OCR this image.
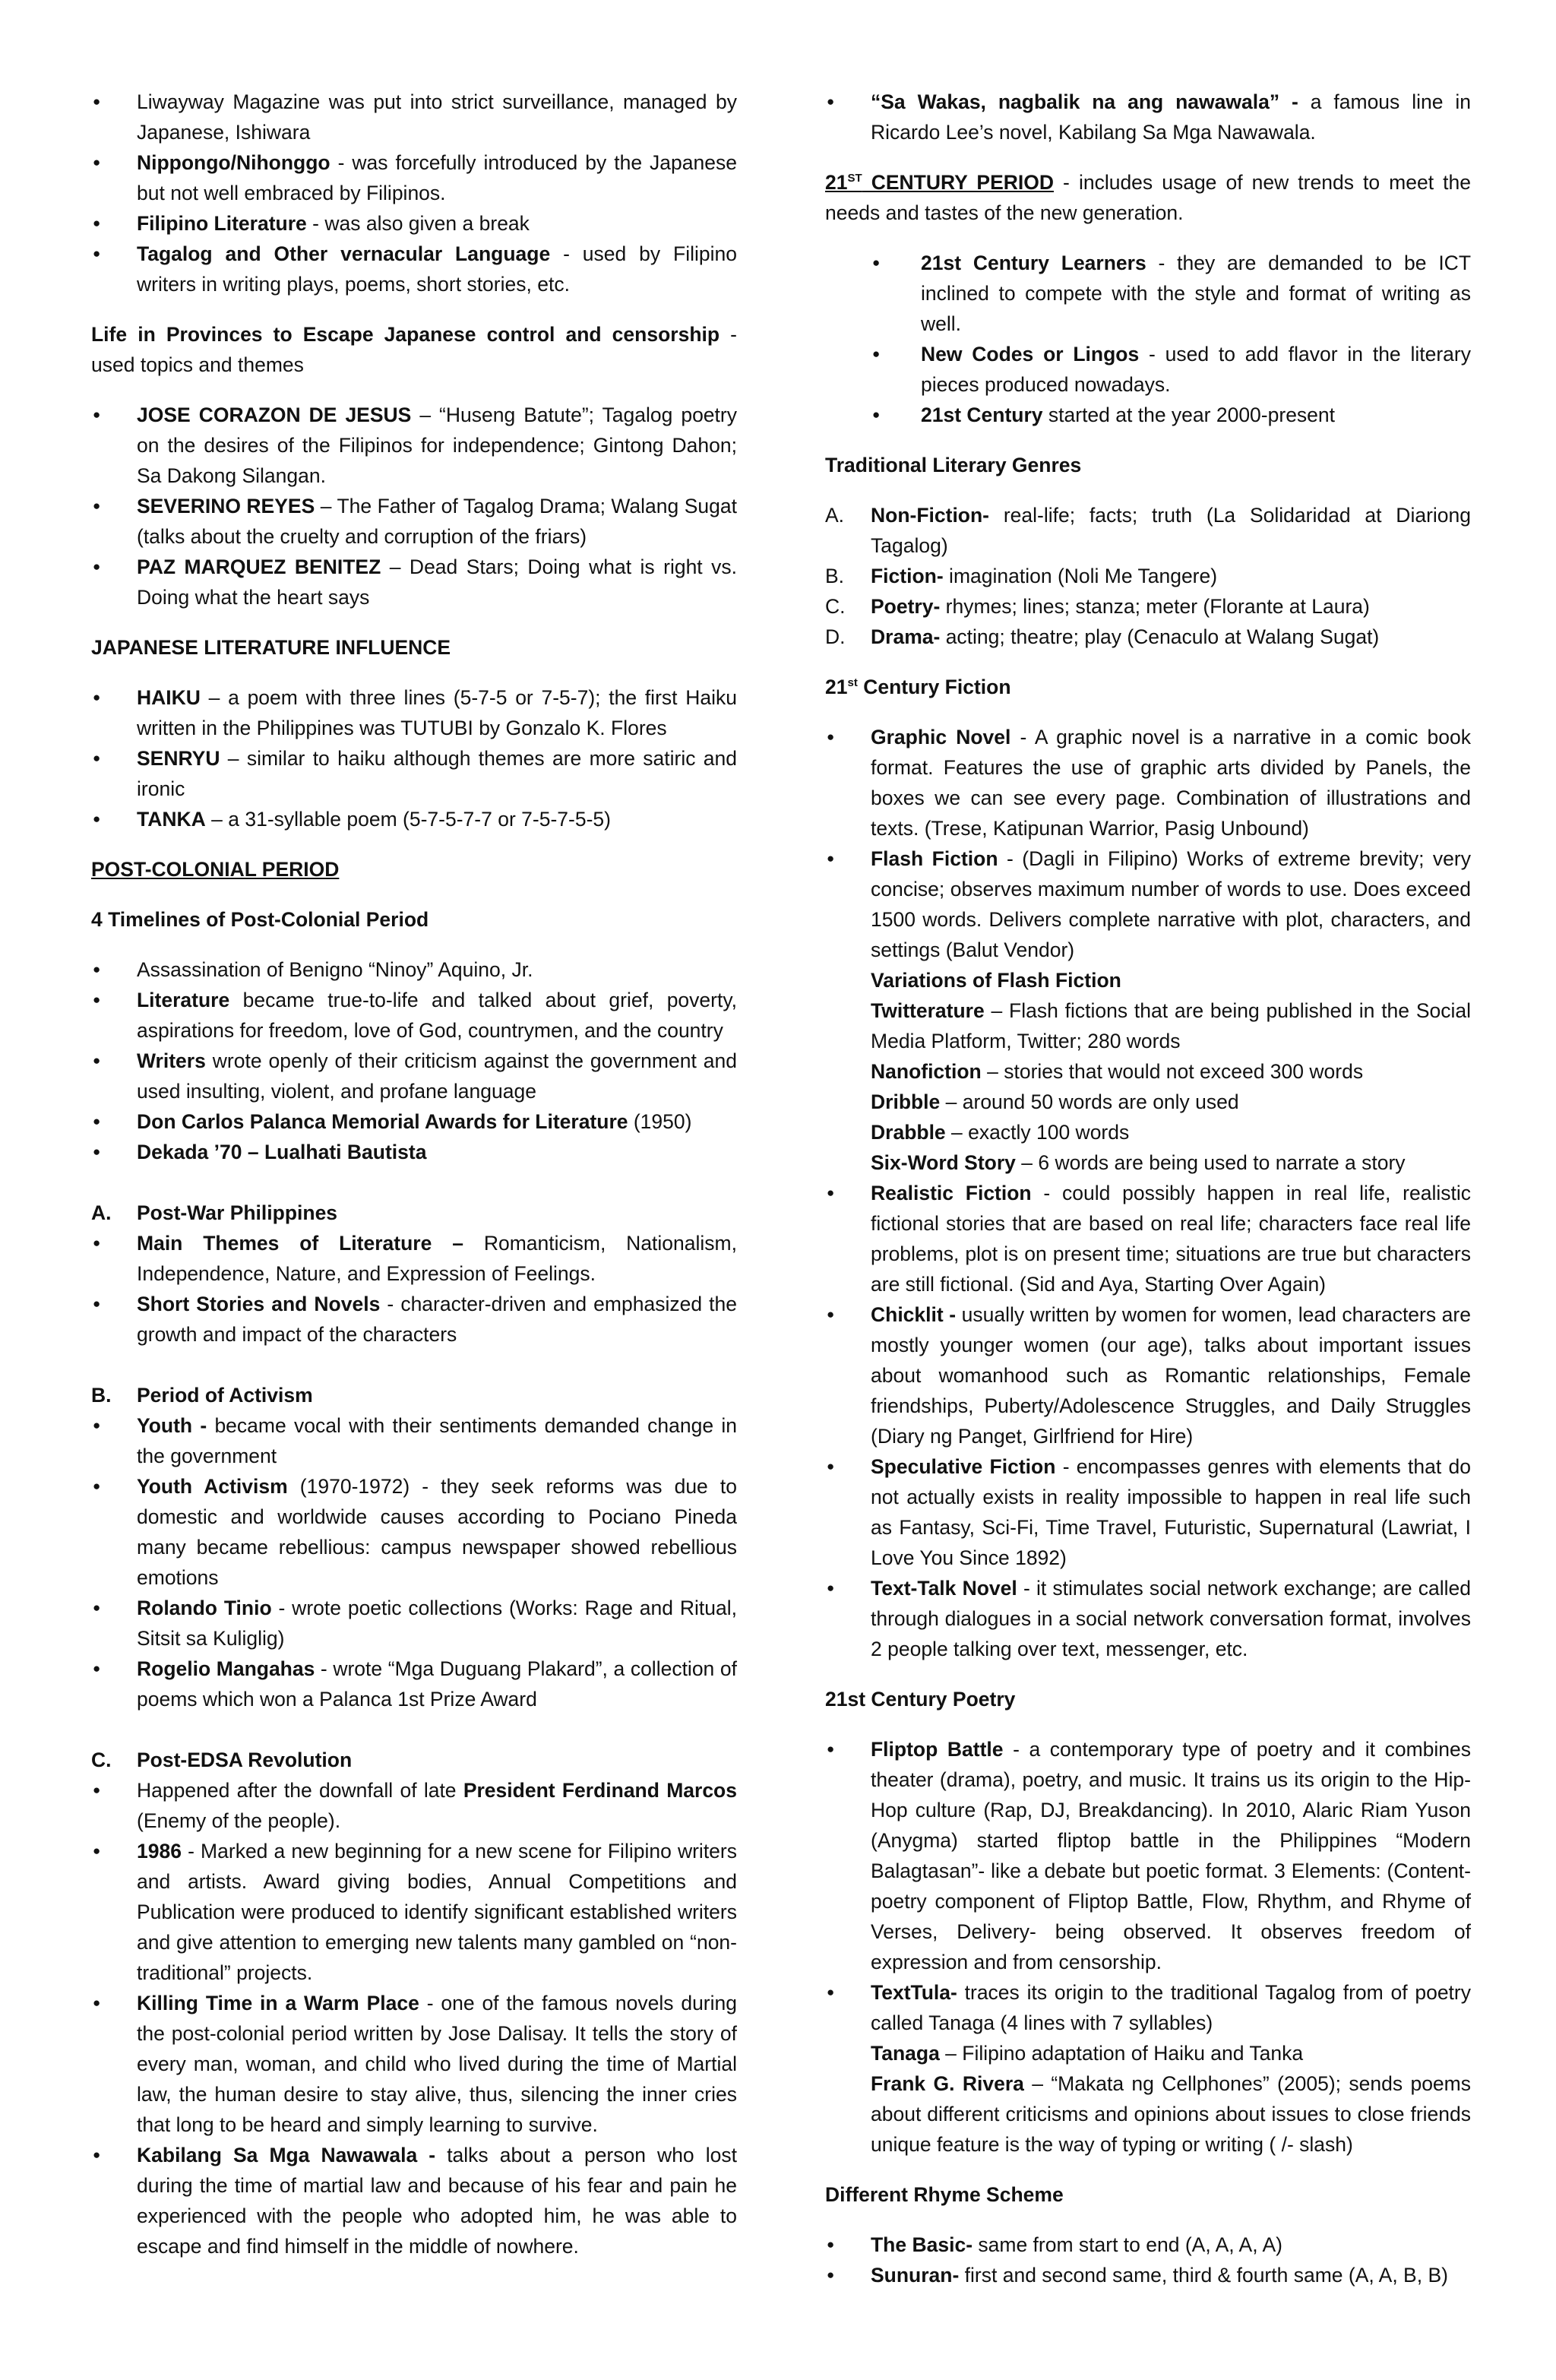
● Liwayway Magazine was put into strict surveillance, managed by Japanese, Ishiwara

● Nippongo/Nihonggo - was forcefully introduced by the Japanese but not well embraced by Filipinos.

● Filipino Literature - was also given a break

● Tagalog and Other vernacular Language - used by Filipino writers in writing plays, poems, short stories, etc.

Life in Provinces to Escape Japanese control and censorship - used topics and themes

● JOSE CORAZON DE JESUS – “Huseng Batute”; Tagalog poetry on the desires of the Filipinos for independence; Gintong Dahon; Sa Dakong Silangan.

● SEVERINO REYES – The Father of Tagalog Drama; Walang Sugat (talks about the cruelty and corruption of the friars)

● PAZ MARQUEZ BENITEZ – Dead Stars; Doing what is right vs. Doing what the heart says

JAPANESE LITERATURE INFLUENCE

● HAIKU – a poem with three lines (5-7-5 or 7-5-7); the first Haiku written in the Philippines was TUTUBI by Gonzalo K. Flores

● SENRYU – similar to haiku although themes are more satiric and ironic

● TANKA – a 31-syllable poem (5-7-5-7-7 or 7-5-7-5-5)

POST-COLONIAL PERIOD

4 Timelines of Post-Colonial Period

● Assassination of Benigno “Ninoy” Aquino, Jr.

● Literature became true-to-life and talked about grief, poverty, aspirations for freedom, love of God, countrymen, and the country

● Writers wrote openly of their criticism against the government and used insulting, violent, and profane language

● Don Carlos Palanca Memorial Awards for Literature (1950)

● Dekada ’70 – Lualhati Bautista

A. Post-War Philippines

● Main Themes of Literature – Romanticism, Nationalism, Independence, Nature, and Expression of Feelings.

● Short Stories and Novels - character-driven and emphasized the growth and impact of the characters

B. Period of Activism

● Youth - became vocal with their sentiments demanded change in the government

● Youth Activism (1970-1972) - they seek reforms was due to domestic and worldwide causes according to Pociano Pineda many became rebellious: campus newspaper showed rebellious emotions

● Rolando Tinio - wrote poetic collections (Works: Rage and Ritual, Sitsit sa Kuliglig)

● Rogelio Mangahas - wrote “Mga Duguang Plakard”, a collection of poems which won a Palanca 1st Prize Award

C. Post-EDSA Revolution

● Happened after the downfall of late President Ferdinand Marcos (Enemy of the people).

● 1986 - Marked a new beginning for a new scene for Filipino writers and artists. Award giving bodies, Annual Competitions and Publication were produced to identify significant established writers and give attention to emerging new talents many gambled on “non-traditional” projects.

● Killing Time in a Warm Place - one of the famous novels during the post-colonial period written by Jose Dalisay. It tells the story of every man, woman, and child who lived during the time of Martial law, the human desire to stay alive, thus, silencing the inner cries that long to be heard and simply learning to survive.

● Kabilang Sa Mga Nawawala - talks about a person who lost during the time of martial law and because of his fear and pain he experienced with the people who adopted him, he was able to escape and find himself in the middle of nowhere.

● “Sa Wakas, nagbalik na ang nawawala” - a famous line in Ricardo Lee’s novel, Kabilang Sa Mga Nawawala.

21ST CENTURY PERIOD - includes usage of new trends to meet the needs and tastes of the new generation.

● 21st Century Learners - they are demanded to be ICT inclined to compete with the style and format of writing as well.

● New Codes or Lingos - used to add flavor in the literary pieces produced nowadays.

● 21st Century started at the year 2000-present

Traditional Literary Genres

A. Non-Fiction- real-life; facts; truth (La Solidaridad at Diariong Tagalog)

B. Fiction- imagination (Noli Me Tangere)

C. Poetry- rhymes; lines; stanza; meter (Florante at Laura)

D. Drama- acting; theatre; play (Cenaculo at Walang Sugat)

21st Century Fiction

● Graphic Novel - A graphic novel is a narrative in a comic book format. Features the use of graphic arts divided by Panels, the boxes we can see every page. Combination of illustrations and texts. (Trese, Katipunan Warrior, Pasig Unbound)

● Flash Fiction - (Dagli in Filipino) Works of extreme brevity; very concise; observes maximum number of words to use. Does exceed 1500 words. Delivers complete narrative with plot, characters, and settings (Balut Vendor)

Variations of Flash Fiction

Twitterature – Flash fictions that are being published in the Social Media Platform, Twitter; 280 words

Nanofiction – stories that would not exceed 300 words

Dribble – around 50 words are only used

Drabble – exactly 100 words

Six-Word Story – 6 words are being used to narrate a story

● Realistic Fiction - could possibly happen in real life, realistic fictional stories that are based on real life; characters face real life problems, plot is on present time; situations are true but characters are still fictional. (Sid and Aya, Starting Over Again)

● Chicklit - usually written by women for women, lead characters are mostly younger women (our age), talks about important issues about womanhood such as Romantic relationships, Female friendships, Puberty/Adolescence Struggles, and Daily Struggles (Diary ng Panget, Girlfriend for Hire)

● Speculative Fiction - encompasses genres with elements that do not actually exists in reality impossible to happen in real life such as Fantasy, Sci-Fi, Time Travel, Futuristic, Supernatural (Lawriat, I Love You Since 1892)

● Text-Talk Novel - it stimulates social network exchange; are called through dialogues in a social network conversation format, involves 2 people talking over text, messenger, etc.

21st Century Poetry

● Fliptop Battle - a contemporary type of poetry and it combines theater (drama), poetry, and music. It trains us its origin to the Hip-Hop culture (Rap, DJ, Breakdancing). In 2010, Alaric Riam Yuson (Anygma) started fliptop battle in the Philippines “Modern Balagtasan”- like a debate but poetic format. 3 Elements: (Content- poetry component of Fliptop Battle, Flow, Rhythm, and Rhyme of Verses, Delivery- being observed. It observes freedom of expression and from censorship.

● TextTula- traces its origin to the traditional Tagalog from of poetry called Tanaga (4 lines with 7 syllables)

Tanaga – Filipino adaptation of Haiku and Tanka

Frank G. Rivera – “Makata ng Cellphones” (2005); sends poems about different criticisms and opinions about issues to close friends unique feature is the way of typing or writing ( /- slash)

Different Rhyme Scheme

● The Basic- same from start to end (A, A, A, A)

● Sunuran- first and second same, third & fourth same (A, A, B, B)
